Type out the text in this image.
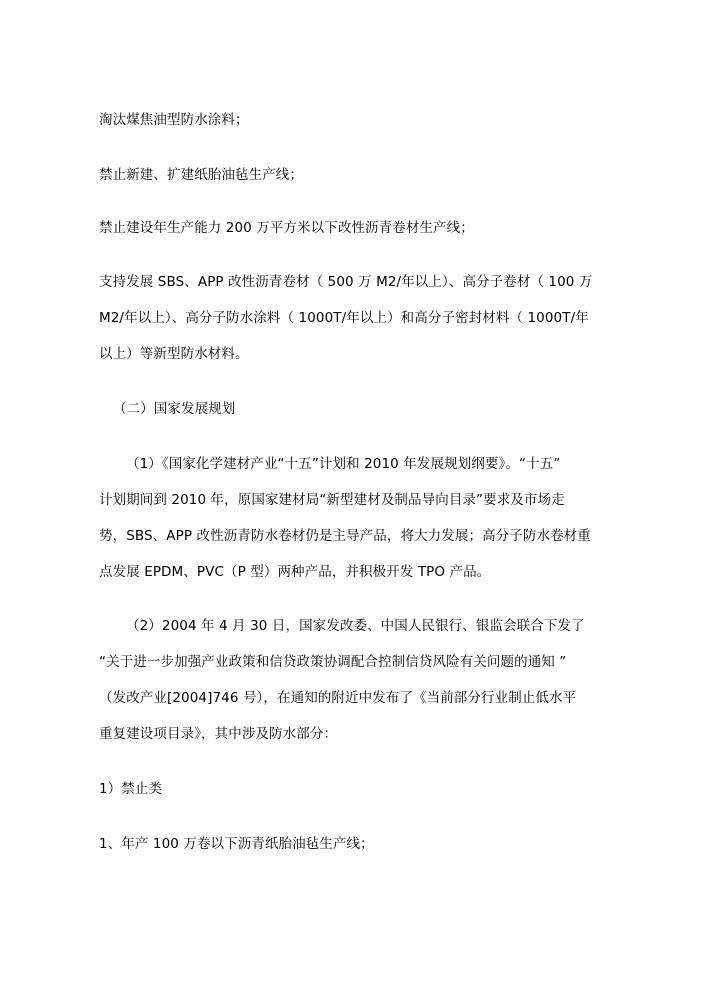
淘汰煤焦油型防水涂料；
禁止新建、扩建纸胎油毡生产线；
禁止建设年生产能力 200 万平方米以下改性沥青卷材生产线；
支持发展 SBS、APP 改性沥青卷材（ 500 万 M2/年以上）、高分子卷材（ 100 万
M2/年以上）、高分子防水涂料（ 1000T/年以上）和高分子密封材料（ 1000T/年
以上）等新型防水材料。
（二）国家发展规划
（1）《国家化学建材产业“十五”计划和 2010 年发展规划纲要》。“十五”
计划期间到 2010 年，原国家建材局“新型建材及制品导向目录”要求及市场走
势，SBS、APP 改性沥青防水卷材仍是主导产品，将大力发展；高分子防水卷材重
点发展 EPDM、PVC（P 型）两种产品，并积极开发 TPO 产品。
（2）2004 年 4 月 30 日，国家发改委、中国人民银行、银监会联合下发了
“关于进一步加强产业政策和信贷政策协调配合控制信贷风险有关问题的通知 ”
（发改产业[2004]746 号），在通知的附近中发布了《当前部分行业制止低水平
重复建设项目录》，其中涉及防水部分：
1）禁止类
1、年产 100 万卷以下沥青纸胎油毡生产线；
